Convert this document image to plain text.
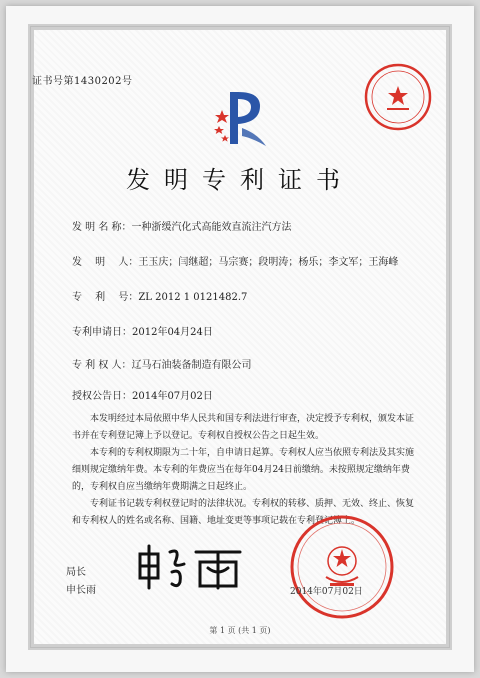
证书号第1430202号
发明专利证书
发 明 名 称：一种浙缓汽化式高能效直流注汽方法
发　 明　 人：王玉庆；闫继超；马宗赛；段明涛；杨乐；李文军；王海峰
专　 利　 号：ZL 2012 1 0121482.7
专利申请日：2012年04月24日
专 利 权 人：辽马石油装备制造有限公司
授权公告日：2014年07月02日

本发明经过本局依照中华人民共和国专利法进行审查，决定授予专利权，颁发本证书并在专利登记簿上予以登记。专利权自授权公告之日起生效。

本专利的专利权期限为二十年，自申请日起算。专利权人应当依照专利法及其实施细则规定缴纳年费。本专利的年费应当在每年04月24日前缴纳。未按照规定缴纳年费的，专利权自应当缴纳年费期满之日起终止。

专利证书记载专利权登记时的法律状况。专利权的转移、质押、无效、终止、恢复和专利权人的姓名或名称、国籍、地址变更等事项记载在专利登记簿上。

局长
申长雨	2014年07月02日
第 1 页 (共 1 页)
